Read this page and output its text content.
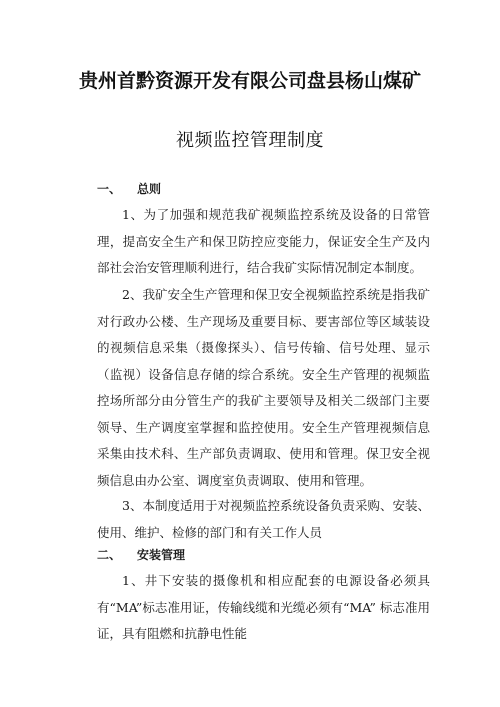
贵州首黔资源开发有限公司盘县杨山煤矿
视频监控管理制度
一、 总则

1、为了加强和规范我矿视频监控系统及设备的日常管理，提高安全生产和保卫防控应变能力，保证安全生产及内部社会治安管理顺利进行，结合我矿实际情况制定本制度。

2、我矿安全生产管理和保卫安全视频监控系统是指我矿对行政办公楼、生产现场及重要目标、要害部位等区域装设的视频信息采集（摄像探头）、信号传输、信号处理、显示（监视）设备信息存储的综合系统。安全生产管理的视频监控场所部分由分管生产的我矿主要领导及相关二级部门主要领导、生产调度室掌握和监控使用。安全生产管理视频信息采集由技术科、生产部负责调取、使用和管理。保卫安全视频信息由办公室、调度室负责调取、使用和管理。

3、本制度适用于对视频监控系统设备负责采购、安装、使用、维护、检修的部门和有关工作人员

二、 安装管理

1、井下安装的摄像机和相应配套的电源设备必须具有“MA”标志准用证，传输线缆和光缆必须有“MA” 标志准用证，具有阻燃和抗静电性能
